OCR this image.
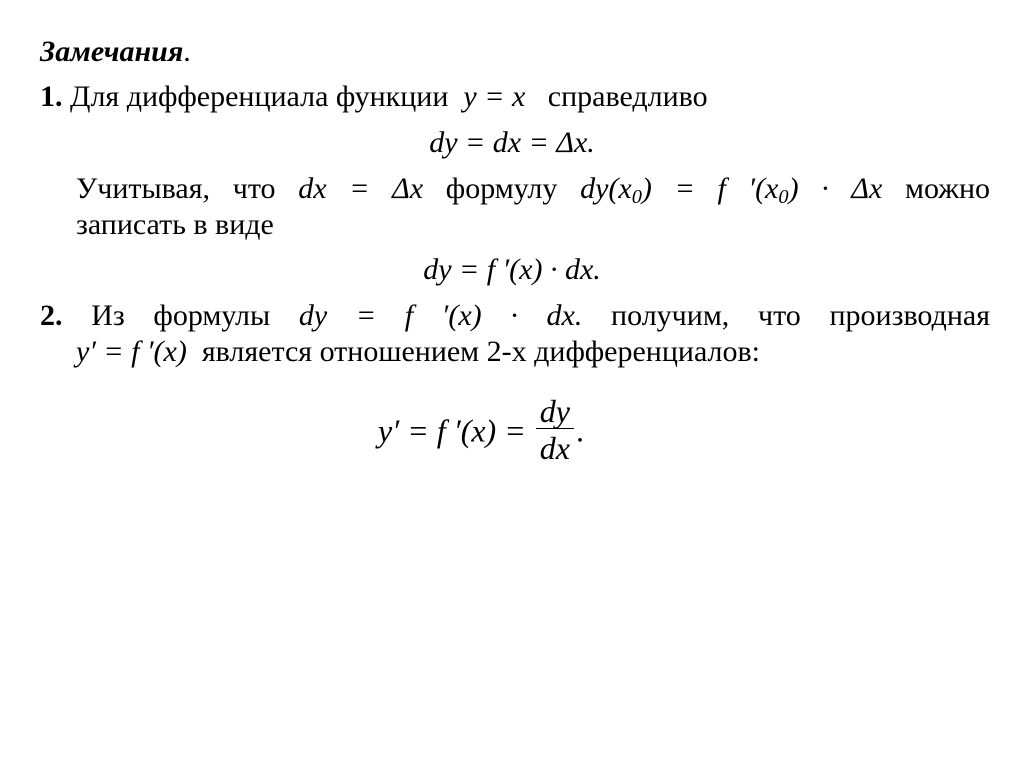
Замечания.
1. Для дифференциала функции y = x справедливо
dy = dx = Δx.
Учитывая, что dx = Δx формулу $dy(x_0) = f$ $'(x_0) \cdot \Delta x$ можно
записать в виде
dy = f ′(x) · dx.
2. Из формулы dy = f ′(x) · dx. получим, что производная
y′ = f ′(x) является отношением 2-х дифференциалов:
y′ = f $'(x) = \frac{dy}{dx}$ .
